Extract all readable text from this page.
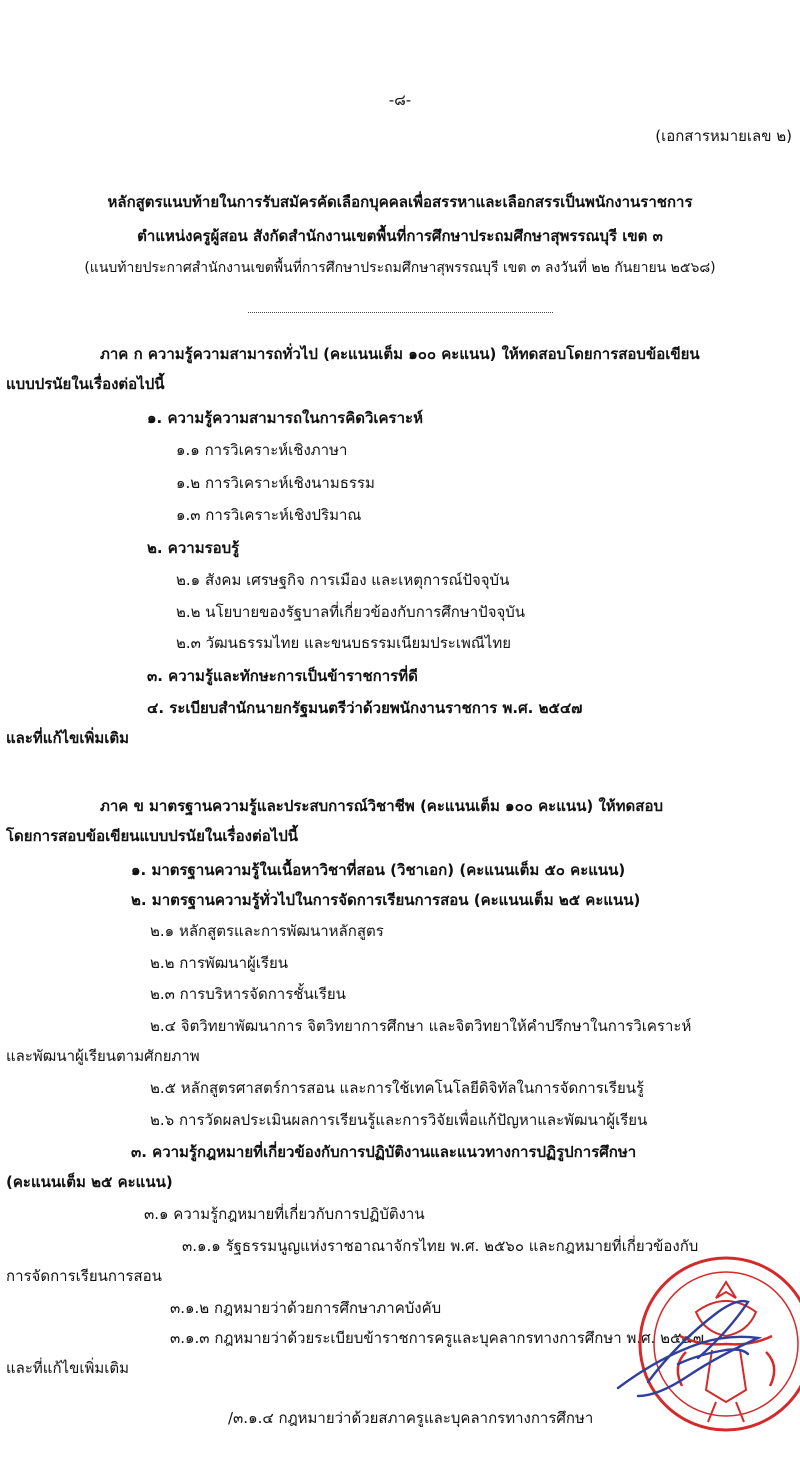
-๘-
(เอกสารหมายเลข ๒)
หลักสูตรแนบท้ายในการรับสมัครคัดเลือกบุคคลเพื่อสรรหาและเลือกสรรเป็นพนักงานราชการ
ตำแหน่งครูผู้สอน สังกัดสำนักงานเขตพื้นที่การศึกษาประถมศึกษาสุพรรณบุรี เขต ๓
(แนบท้ายประกาศสำนักงานเขตพื้นที่การศึกษาประถมศึกษาสุพรรณบุรี เขต ๓ ลงวันที่ ๒๒ กันยายน ๒๕๖๘)
ภาค ก ความรู้ความสามารถทั่วไป (คะแนนเต็ม ๑๐๐ คะแนน) ให้ทดสอบโดยการสอบข้อเขียน
แบบปรนัยในเรื่องต่อไปนี้
๑. ความรู้ความสามารถในการคิดวิเคราะห์
๑.๑ การวิเคราะห์เชิงภาษา
๑.๒ การวิเคราะห์เชิงนามธรรม
๑.๓ การวิเคราะห์เชิงปริมาณ
๒. ความรอบรู้
๒.๑ สังคม เศรษฐกิจ การเมือง และเหตุการณ์ปัจจุบัน
๒.๒ นโยบายของรัฐบาลที่เกี่ยวข้องกับการศึกษาปัจจุบัน
๒.๓ วัฒนธรรมไทย และขนบธรรมเนียมประเพณีไทย
๓. ความรู้และทักษะการเป็นข้าราชการที่ดี
๔. ระเบียบสำนักนายกรัฐมนตรีว่าด้วยพนักงานราชการ พ.ศ. ๒๕๔๗
และที่แก้ไขเพิ่มเติม
ภาค ข มาตรฐานความรู้และประสบการณ์วิชาชีพ (คะแนนเต็ม ๑๐๐ คะแนน) ให้ทดสอบ
โดยการสอบข้อเขียนแบบปรนัยในเรื่องต่อไปนี้
๑. มาตรฐานความรู้ในเนื้อหาวิชาที่สอน (วิชาเอก) (คะแนนเต็ม ๕๐ คะแนน)
๒. มาตรฐานความรู้ทั่วไปในการจัดการเรียนการสอน (คะแนนเต็ม ๒๕ คะแนน)
๒.๑ หลักสูตรและการพัฒนาหลักสูตร
๒.๒ การพัฒนาผู้เรียน
๒.๓ การบริหารจัดการชั้นเรียน
๒.๔ จิตวิทยาพัฒนาการ จิตวิทยาการศึกษา และจิตวิทยาให้คำปรึกษาในการวิเคราะห์
และพัฒนาผู้เรียนตามศักยภาพ
๒.๕ หลักสูตรศาสตร์การสอน และการใช้เทคโนโลยีดิจิทัลในการจัดการเรียนรู้
๒.๖ การวัดผลประเมินผลการเรียนรู้และการวิจัยเพื่อแก้ปัญหาและพัฒนาผู้เรียน
๓. ความรู้กฎหมายที่เกี่ยวข้องกับการปฏิบัติงานและแนวทางการปฏิรูปการศึกษา
(คะแนนเต็ม ๒๕ คะแนน)
๓.๑ ความรู้กฎหมายที่เกี่ยวกับการปฏิบัติงาน
๓.๑.๑ รัฐธรรมนูญแห่งราชอาณาจักรไทย พ.ศ. ๒๕๖๐ และกฎหมายที่เกี่ยวข้องกับ
การจัดการเรียนการสอน
๓.๑.๒ กฎหมายว่าด้วยการศึกษาภาคบังคับ
๓.๑.๓ กฎหมายว่าด้วยระเบียบข้าราชการครูและบุคลากรทางการศึกษา พ.ศ. ๒๕๔๗
และที่แก้ไขเพิ่มเติม
/๓.๑.๔ กฎหมายว่าด้วยสภาครูและบุคลากรทางการศึกษา
